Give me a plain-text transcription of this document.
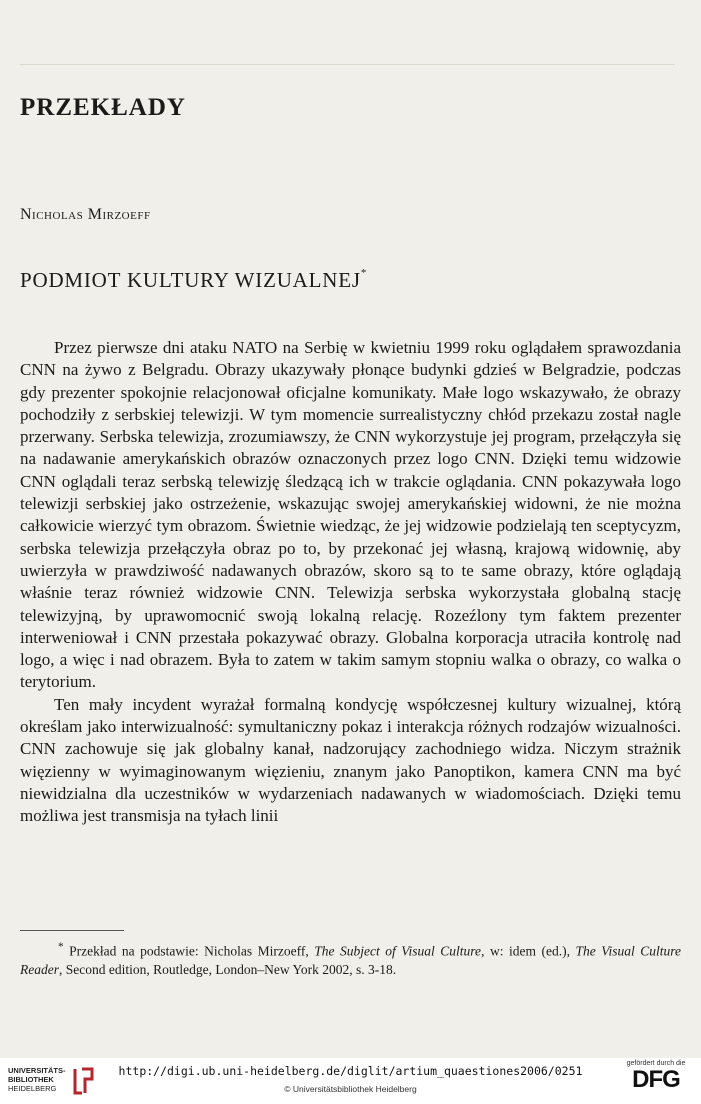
PRZEKŁADY
Nicholas Mirzoeff
PODMIOT KULTURY WIZUALNEJ*

Przez pierwsze dni ataku NATO na Serbię w kwietniu 1999 roku oglądałem sprawozdania CNN na żywo z Belgradu. Obrazy ukazywały płonące budynki gdzieś w Belgradzie, podczas gdy prezenter spokojnie relacjonował oficjalne komunikaty. Małe logo wskazywało, że obrazy pochodziły z serbskiej telewizji. W tym momencie surrealistyczny chłód przekazu został nagle przerwany. Serbska telewizja, zrozumiawszy, że CNN wykorzystuje jej program, przełączyła się na nadawanie amerykańskich obrazów oznaczonych przez logo CNN. Dzięki temu widzowie CNN oglądali teraz serbską telewizję śledzącą ich w trakcie oglądania. CNN pokazywała logo telewizji serbskiej jako ostrzeżenie, wskazując swojej amerykańskiej widowni, że nie można całkowicie wierzyć tym obrazom. Świetnie wiedząc, że jej widzowie podzielają ten sceptycyzm, serbska telewizja przełączyła obraz po to, by przekonać jej własną, krajową widownię, aby uwierzyła w prawdziwość nadawanych obrazów, skoro są to te same obrazy, które oglądają właśnie teraz również widzowie CNN. Telewizja serbska wykorzystała globalną stację telewizyjną, by uprawomocnić swoją lokalną relację. Rozeźlony tym faktem prezenter interweniował i CNN przestała pokazywać obrazy. Globalna korporacja utraciła kontrolę nad logo, a więc i nad obrazem. Była to zatem w takim samym stopniu walka o obrazy, co walka o terytorium.

Ten mały incydent wyrażał formalną kondycję współczesnej kultury wizualnej, którą określam jako interwizualność: symultaniczny pokaz i interakcja różnych rodzajów wizualności. CNN zachowuje się jak globalny kanał, nadzorujący zachodniego widza. Niczym strażnik więzienny w wyimaginowanym więzieniu, znanym jako Panoptikon, kamera CNN ma być niewidzialna dla uczestników w wydarzeniach nadawanych w wiadomościach. Dzięki temu możliwa jest transmisja na tyłach linii

* Przekład na podstawie: Nicholas Mirzoeff, The Subject of Visual Culture, w: idem (ed.), The Visual Culture Reader, Second edition, Routledge, London–New York 2002, s. 3-18.

UNIVERSITÄTS-
BIBLIOTHEK
HEIDELBERG
http://digi.ub.uni-heidelberg.de/diglit/artium_quaestiones2006/0251
© Universitätsbibliothek Heidelberg
gefördert durch die
DFG
